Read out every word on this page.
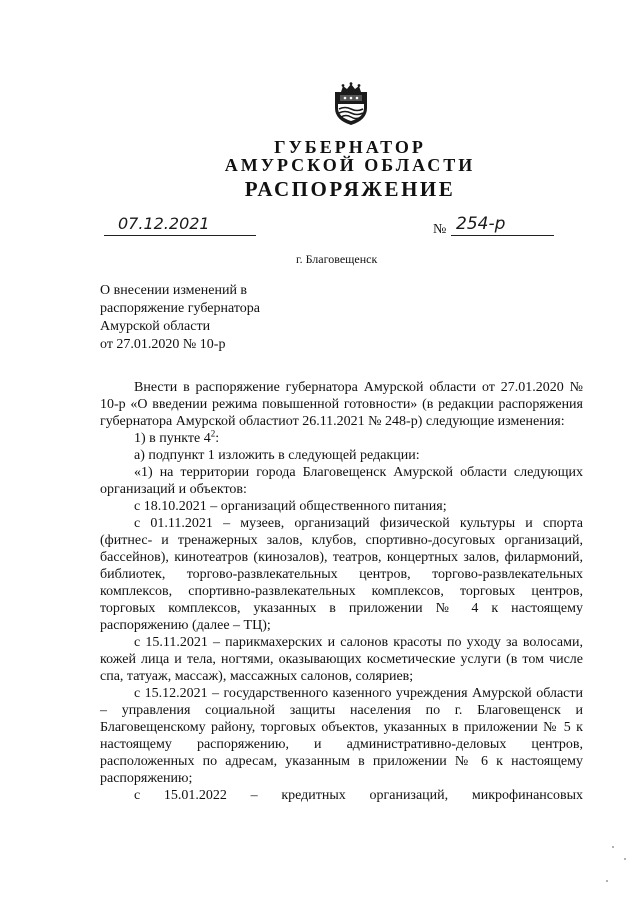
ГУБЕРНАТОР
АМУРСКОЙ ОБЛАСТИ
РАСПОРЯЖЕНИЕ
07.12.2021	№ 254-р
г. Благовещенск
О внесении изменений в
распоряжение губернатора
Амурской области
от 27.01.2020 № 10-р

Внести в распоряжение губернатора Амурской области от 27.01.2020 № 10-р «О введении режима повышенной готовности» (в редакции распоряжения губернатора Амурской областиот 26.11.2021 № 248-р) следующие изменения:

1) в пункте $4^2$:

а) подпункт 1 изложить в следующей редакции:

«1) на территории города Благовещенск Амурской области следующих организаций и объектов:

с 18.10.2021 – организаций общественного питания;

с 01.11.2021 – музеев, организаций физической культуры и спорта (фитнес- и тренажерных залов, клубов, спортивно-досуговых организаций, бассейнов), кинотеатров (кинозалов), театров, концертных залов, филармоний, библиотек, торгово-развлекательных центров, торгово-развлекательных комплексов, спортивно-развлекательных комплексов, торговых центров, торговых комплексов, указанных в приложении № 4 к настоящему распоряжению (далее – ТЦ);

с 15.11.2021 – парикмахерских и салонов красоты по уходу за волосами, кожей лица и тела, ногтями, оказывающих косметические услуги (в том числе спа, татуаж, массаж), массажных салонов, соляриев;

с 15.12.2021 – государственного казенного учреждения Амурской области – управления социальной защиты населения по г. Благовещенск и Благовещенскому району, торговых объектов, указанных в приложении № 5 к настоящему распоряжению, и административно-деловых центров, расположенных по адресам, указанным в приложении № 6 к настоящему распоряжению;

с 15.01.2022 – кредитных организаций, микрофинансовых
